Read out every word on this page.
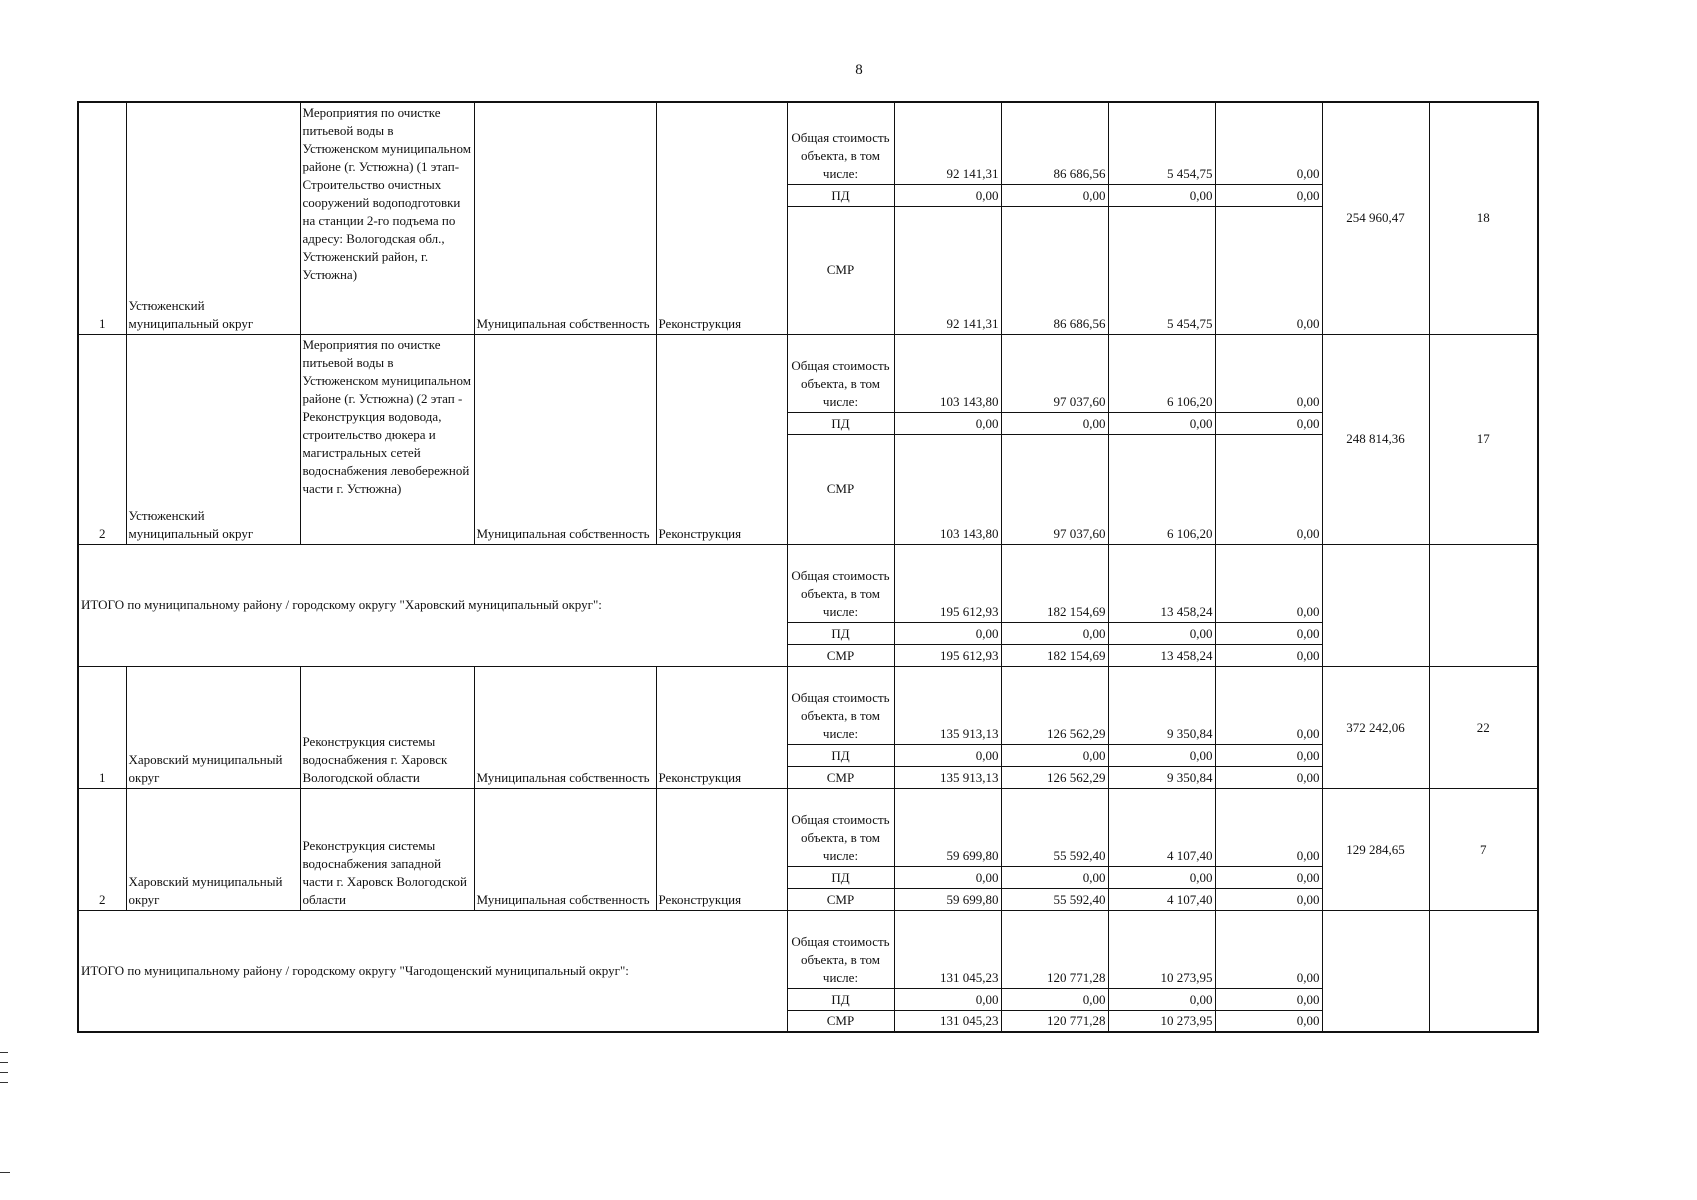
8
1	Устюженский муниципальный округ	Мероприятия по очистке питьевой воды в Устюженском муниципальном районе (г. Устюжна) (1 этап- Строительство очистных сооружений водоподготовки на станции 2-го подъема по адресу: Вологодская обл., Устюженский район, г. Устюжна)	Муниципальная собственность	Реконструкция	Общая стоимость объекта, в том числе:	92 141,31	86 686,56	5 454,75	0,00	254 960,47	18
					ПД	0,00	0,00	0,00	0,00		
					СМР	92 141,31	86 686,56	5 454,75	0,00		
2	Устюженский муниципальный округ	Мероприятия по очистке питьевой воды в Устюженском муниципальном районе (г. Устюжна) (2 этап - Реконструкция водовода, строительство дюкера и магистральных сетей водоснабжения левобережной части г. Устюжна)	Муниципальная собственность	Реконструкция	Общая стоимость объекта, в том числе:	103 143,80	97 037,60	6 106,20	0,00	248 814,36	17
					ПД	0,00	0,00	0,00	0,00		
					СМР	103 143,80	97 037,60	6 106,20	0,00		
ИТОГО по муниципальному району / городскому округу "Харовский муниципальный округ":					Общая стоимость объекта, в том числе:	195 612,93	182 154,69	13 458,24	0,00		
					ПД	0,00	0,00	0,00	0,00		
					СМР	195 612,93	182 154,69	13 458,24	0,00		
1	Харовский муниципальный округ	Реконструкция системы водоснабжения г. Харовск Вологодской области	Муниципальная собственность	Реконструкция	Общая стоимость объекта, в том числе:	135 913,13	126 562,29	9 350,84	0,00	372 242,06	22
					ПД	0,00	0,00	0,00	0,00		
					СМР	135 913,13	126 562,29	9 350,84	0,00		
2	Харовский муниципальный округ	Реконструкция системы водоснабжения западной части г. Харовск Вологодской области	Муниципальная собственность	Реконструкция	Общая стоимость объекта, в том числе:	59 699,80	55 592,40	4 107,40	0,00	129 284,65	7
					ПД	0,00	0,00	0,00	0,00		
					СМР	59 699,80	55 592,40	4 107,40	0,00		
ИТОГО по муниципальному району / городскому округу "Чагодощенский муниципальный округ":					Общая стоимость объекта, в том числе:	131 045,23	120 771,28	10 273,95	0,00		
					ПД	0,00	0,00	0,00	0,00		
					СМР	131 045,23	120 771,28	10 273,95	0,00		
